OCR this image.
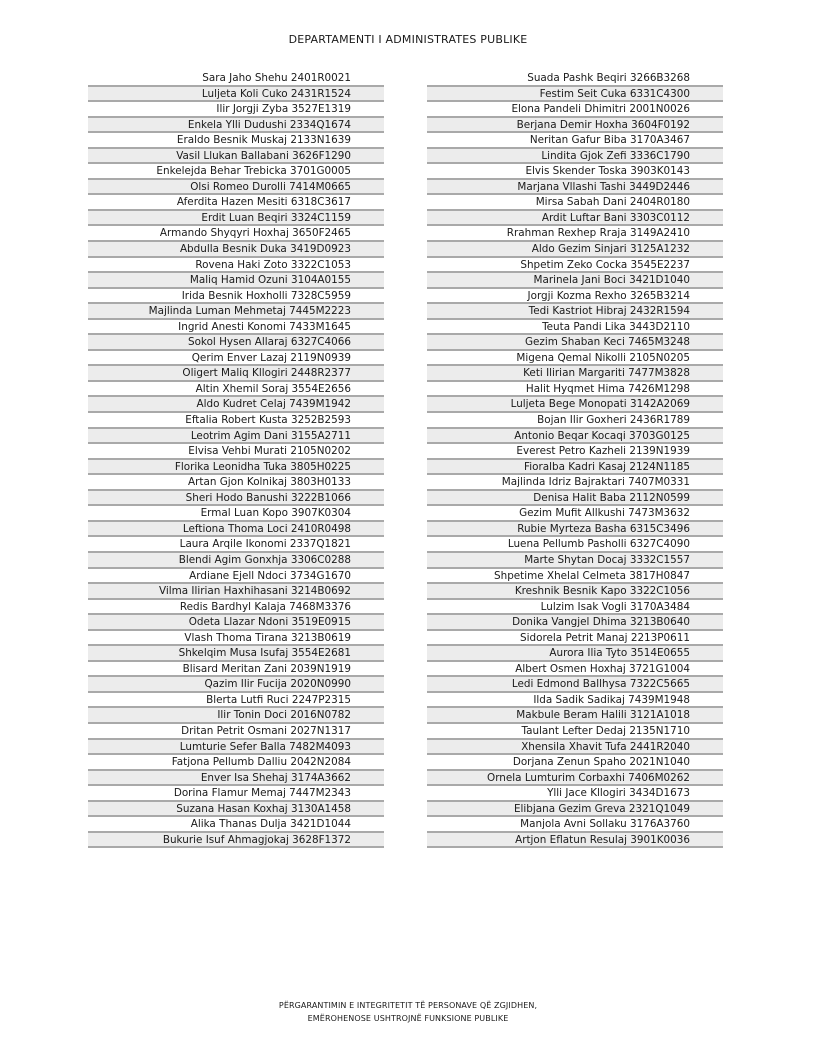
DEPARTAMENTI I ADMINISTRATES PUBLIKE
Sara Jaho Shehu 2401R0021
Luljeta Koli Cuko 2431R1524
Ilir Jorgji Zyba 3527E1319
Enkela Ylli Dudushi 2334Q1674
Eraldo Besnik Muskaj 2133N1639
Vasil Llukan Ballabani 3626F1290
Enkelejda Behar Trebicka 3701G0005
Olsi Romeo Durolli 7414M0665
Aferdita Hazen Mesiti 6318C3617
Erdit Luan Beqiri 3324C1159
Armando Shyqyri Hoxhaj 3650F2465
Abdulla Besnik Duka 3419D0923
Rovena Haki Zoto 3322C1053
Maliq Hamid Ozuni 3104A0155
Irida Besnik Hoxholli 7328C5959
Majlinda Luman Mehmetaj 7445M2223
Ingrid Anesti Konomi 7433M1645
Sokol Hysen Allaraj 6327C4066
Qerim Enver Lazaj 2119N0939
Oligert Maliq Kllogiri 2448R2377
Altin Xhemil Soraj 3554E2656
Aldo Kudret Celaj 7439M1942
Eftalia Robert Kusta 3252B2593
Leotrim Agim Dani 3155A2711
Elvisa Vehbi Murati 2105N0202
Florika Leonidha Tuka 3805H0225
Artan Gjon Kolnikaj 3803H0133
Sheri Hodo Banushi 3222B1066
Ermal Luan Kopo 3907K0304
Leftiona Thoma Loci 2410R0498
Laura Arqile Ikonomi 2337Q1821
Blendi Agim Gonxhja 3306C0288
Ardiane Ejell Ndoci 3734G1670
Vilma Ilirian Haxhihasani 3214B0692
Redis Bardhyl Kalaja 7468M3376
Odeta Llazar Ndoni 3519E0915
Vlash Thoma Tirana 3213B0619
Shkelqim Musa Isufaj 3554E2681
Blisard Meritan Zani 2039N1919
Qazim Ilir Fucija 2020N0990
Blerta Lutfi Ruci 2247P2315
Ilir Tonin Doci 2016N0782
Dritan Petrit Osmani 2027N1317
Lumturie Sefer Balla 7482M4093
Fatjona Pellumb Dalliu 2042N2084
Enver Isa Shehaj 3174A3662
Dorina Flamur Memaj 7447M2343
Suzana Hasan Koxhaj 3130A1458
Alika Thanas Dulja 3421D1044
Bukurie Isuf Ahmagjokaj 3628F1372
Suada Pashk Beqiri 3266B3268
Festim Seit Cuka 6331C4300
Elona Pandeli Dhimitri 2001N0026
Berjana Demir Hoxha 3604F0192
Neritan Gafur Biba 3170A3467
Lindita Gjok Zefi 3336C1790
Elvis Skender Toska 3903K0143
Marjana Vllashi Tashi 3449D2446
Mirsa Sabah Dani 2404R0180
Ardit Luftar Bani 3303C0112
Rrahman Rexhep Rraja 3149A2410
Aldo Gezim Sinjari 3125A1232
Shpetim Zeko Cocka 3545E2237
Marinela Jani Boci 3421D1040
Jorgji Kozma Rexho 3265B3214
Tedi Kastriot Hibraj 2432R1594
Teuta Pandi Lika 3443D2110
Gezim Shaban Keci 7465M3248
Migena Qemal Nikolli 2105N0205
Keti Ilirian Margariti 7477M3828
Halit Hyqmet Hima 7426M1298
Luljeta Bege Monopati 3142A2069
Bojan Ilir Goxheri 2436R1789
Antonio Beqar Kocaqi 3703G0125
Everest Petro Kazheli 2139N1939
Fioralba Kadri Kasaj 2124N1185
Majlinda Idriz Bajraktari 7407M0331
Denisa Halit Baba 2112N0599
Gezim Mufit Allkushi 7473M3632
Rubie Myrteza Basha 6315C3496
Luena Pellumb Pasholli 6327C4090
Marte Shytan Docaj 3332C1557
Shpetime Xhelal Celmeta 3817H0847
Kreshnik Besnik Kapo 3322C1056
Lulzim Isak Vogli 3170A3484
Donika Vangjel Dhima 3213B0640
Sidorela Petrit Manaj 2213P0611
Aurora Ilia Tyto 3514E0655
Albert Osmen Hoxhaj 3721G1004
Ledi Edmond Ballhysa 7322C5665
Ilda Sadik Sadikaj 7439M1948
Makbule Beram Halili 3121A1018
Taulant Lefter Dedaj 2135N1710
Xhensila Xhavit Tufa 2441R2040
Dorjana Zenun Spaho 2021N1040
Ornela Lumturim Corbaxhi 7406M0262
Ylli Jace Kllogiri 3434D1673
Elibjana Gezim Greva 2321Q1049
Manjola Avni Sollaku 3176A3760
Artjon Eflatun Resulaj 3901K0036
PËRGARANTIMIN E INTEGRITETIT TË PERSONAVE QË ZGJIDHEN,
EMËROHENOSE USHTROJNË FUNKSIONE PUBLIKE
